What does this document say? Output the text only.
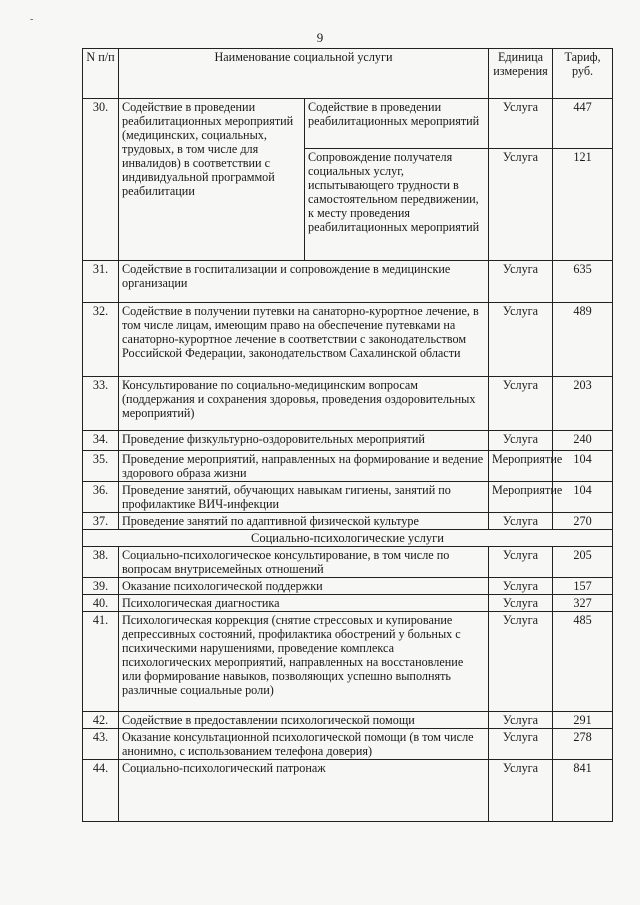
-
9
N п/п	Наименование социальной услуги		Единица измерения	Тариф, руб.
30.	Содействие в проведении реабилитационных мероприятий (медицинских, социальных, трудовых, в том числе для инвалидов) в соответствии с индивидуальной программой реабилитации	Содействие в проведении реабилитационных мероприятий	Услуга	447
		Сопровождение получателя социальных услуг, испытывающего трудности в самостоятельном передвижении, к месту проведения реабилитационных мероприятий	Услуга	121
31.	Содействие в госпитализации и сопровождение в медицинские организации		Услуга	635
32.	Содействие в получении путевки на санаторно-курортное лечение, в том числе лицам, имеющим право на обеспечение путевками на санаторно-курортное лечение в соответствии с законодательством Российской Федерации, законодательством Сахалинской области		Услуга	489
33.	Консультирование по социально-медицинским вопросам (поддержания и сохранения здоровья, проведения оздоровительных мероприятий)		Услуга	203
34.	Проведение физкультурно-оздоровительных мероприятий		Услуга	240
35.	Проведение мероприятий, направленных на формирование и ведение здорового образа жизни		Мероприятие	104
36.	Проведение занятий, обучающих навыкам гигиены, занятий по профилактике ВИЧ-инфекции		Мероприятие	104
37.	Проведение занятий по адаптивной физической культуре		Услуга	270
Социально-психологические услуги				
38.	Социально-психологическое консультирование, в том числе по вопросам внутрисемейных отношений		Услуга	205
39.	Оказание психологической поддержки		Услуга	157
40.	Психологическая диагностика		Услуга	327
41.	Психологическая коррекция (снятие стрессовых и купирование депрессивных состояний, профилактика обострений у больных с психическими нарушениями, проведение комплекса психологических мероприятий, направленных на восстановление или формирование навыков, позволяющих успешно выполнять различные социальные роли)		Услуга	485
42.	Содействие в предоставлении психологической помощи		Услуга	291
43.	Оказание консультационной психологической помощи (в том числе анонимно, с использованием телефона доверия)		Услуга	278
44.	Социально-психологический патронаж		Услуга	841
